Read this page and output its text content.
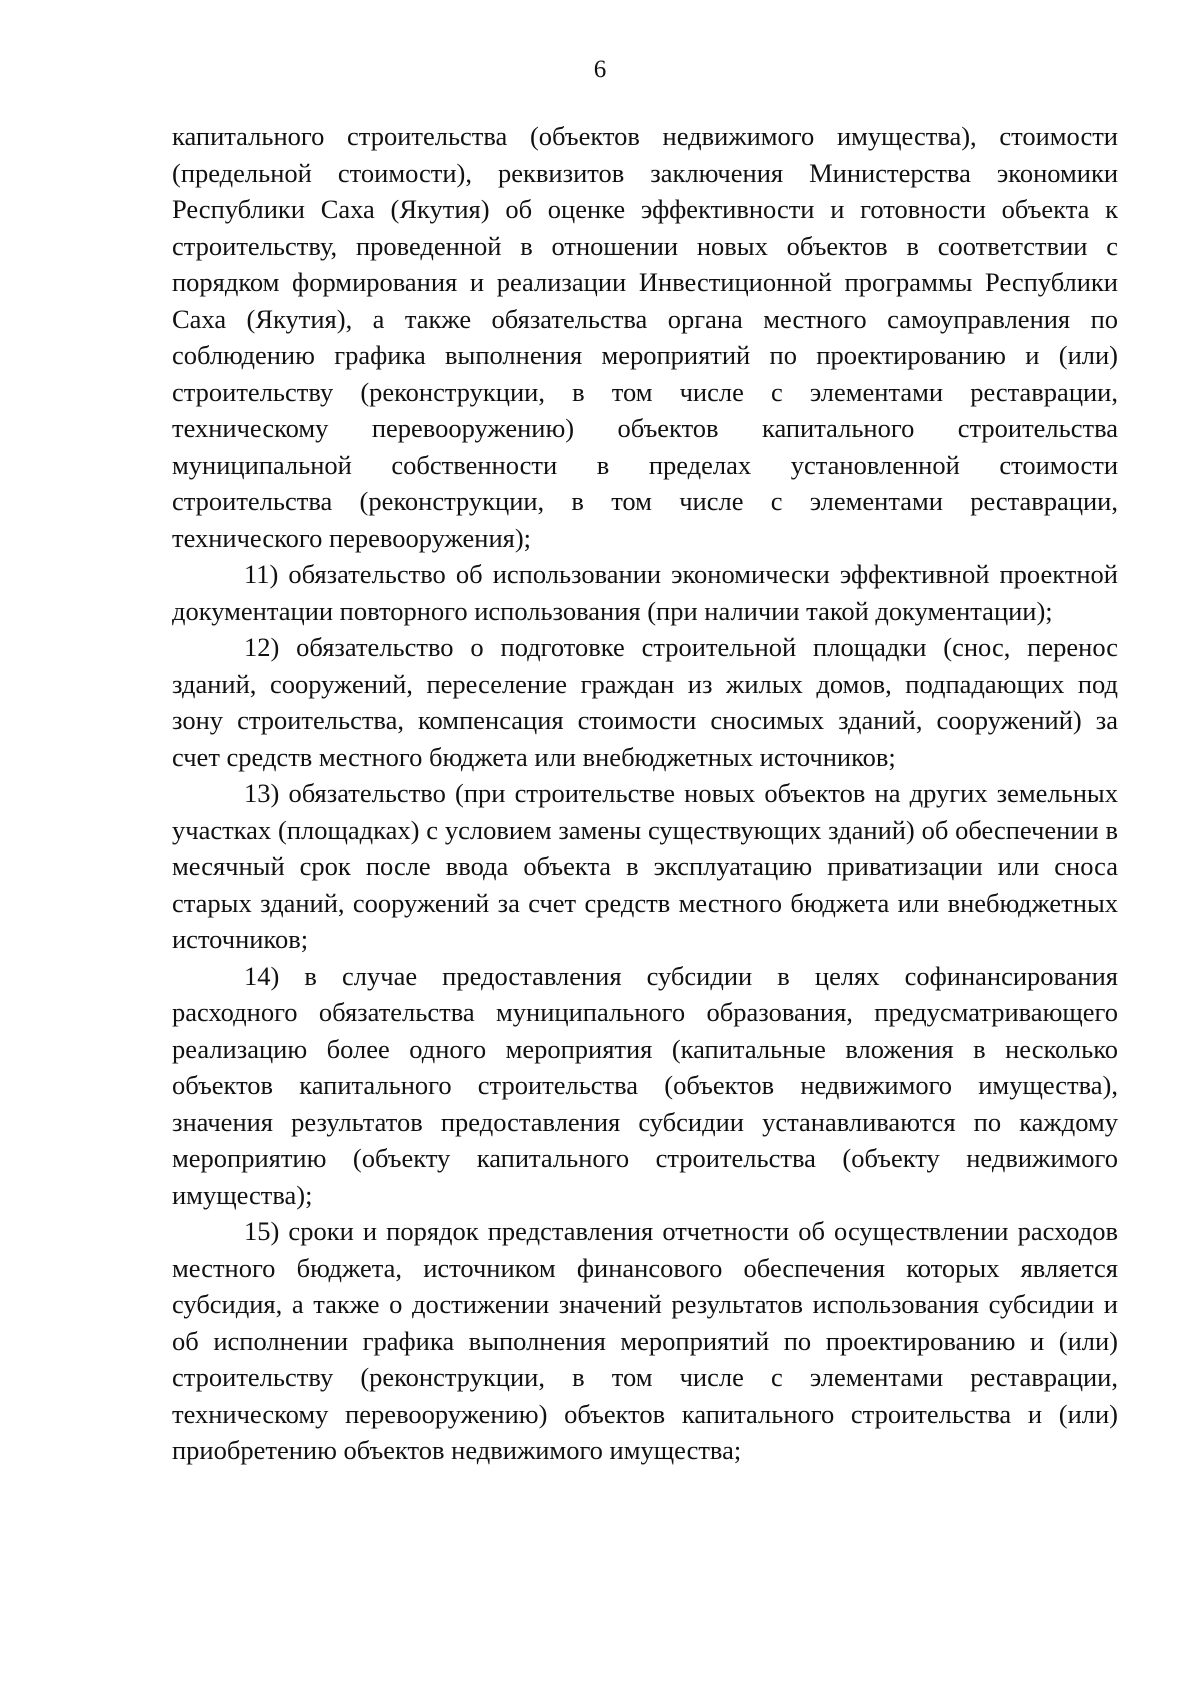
6

капитального строительства (объектов недвижимого имущества), стоимости (предельной стоимости), реквизитов заключения Министерства экономики Республики Саха (Якутия) об оценке эффективности и готовности объекта к строительству, проведенной в отношении новых объектов в соответствии с порядком формирования и реализации Инвестиционной программы Республики Саха (Якутия), а также обязательства органа местного самоуправления по соблюдению графика выполнения мероприятий по проектированию и (или) строительству (реконструкции, в том числе с элементами реставрации, техническому перевооружению) объектов капитального строительства муниципальной собственности в пределах установленной стоимости строительства (реконструкции, в том числе с элементами реставрации, технического перевооружения);

11) обязательство об использовании экономически эффективной проектной документации повторного использования (при наличии такой документации);

12) обязательство о подготовке строительной площадки (снос, перенос зданий, сооружений, переселение граждан из жилых домов, подпадающих под зону строительства, компенсация стоимости сносимых зданий, сооружений) за счет средств местного бюджета или внебюджетных источников;

13) обязательство (при строительстве новых объектов на других земельных участках (площадках) с условием замены существующих зданий) об обеспечении в месячный срок после ввода объекта в эксплуатацию приватизации или сноса старых зданий, сооружений за счет средств местного бюджета или внебюджетных источников;

14) в случае предоставления субсидии в целях софинансирования расходного обязательства муниципального образования, предусматривающего реализацию более одного мероприятия (капитальные вложения в несколько объектов капитального строительства (объектов недвижимого имущества), значения результатов предоставления субсидии устанавливаются по каждому мероприятию (объекту капитального строительства (объекту недвижимого имущества);

15) сроки и порядок представления отчетности об осуществлении расходов местного бюджета, источником финансового обеспечения которых является субсидия, а также о достижении значений результатов использования субсидии и об исполнении графика выполнения мероприятий по проектированию и (или) строительству (реконструкции, в том числе с элементами реставрации, техническому перевооружению) объектов капитального строительства и (или) приобретению объектов недвижимого имущества;
